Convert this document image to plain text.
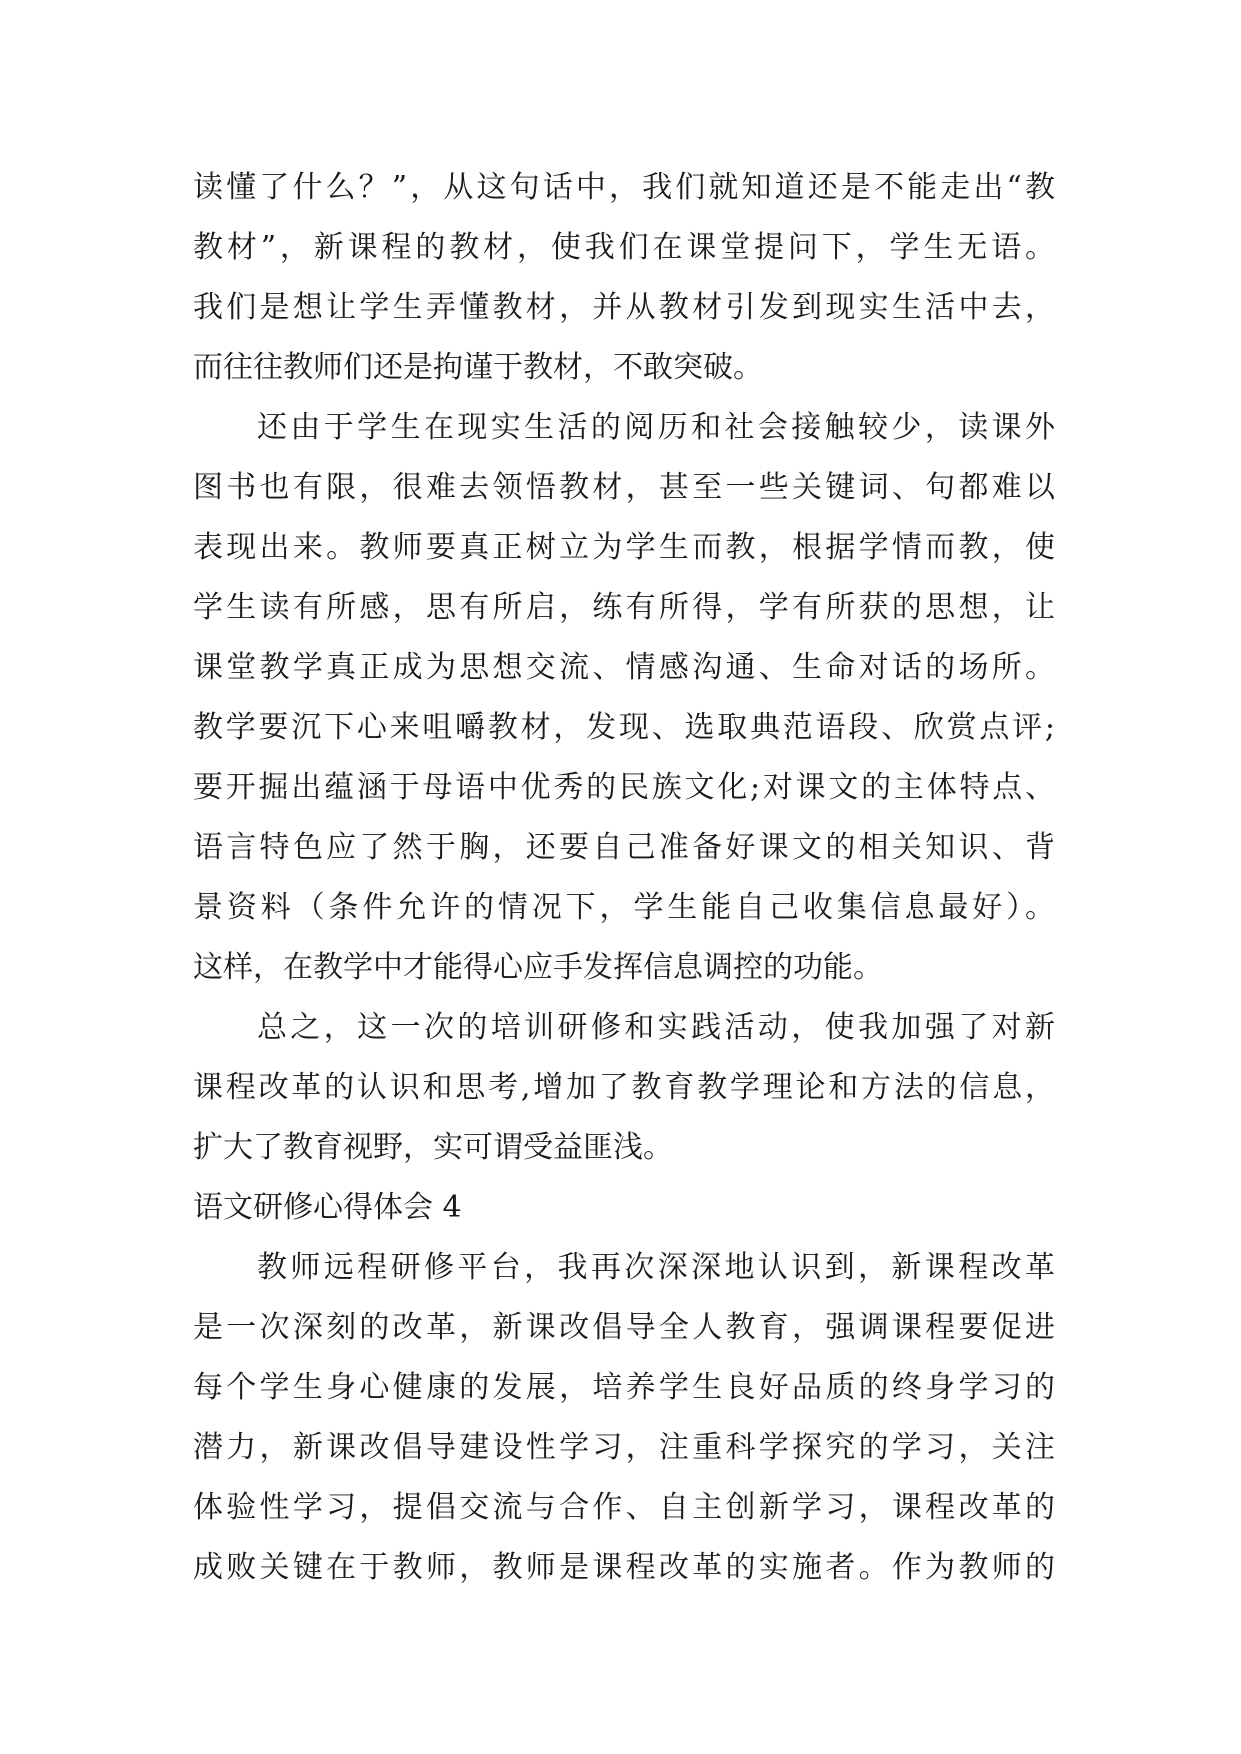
读懂了什么？”，从这句话中，我们就知道还是不能走出“教
教材”，新课程的教材，使我们在课堂提问下，学生无语。
我们是想让学生弄懂教材，并从教材引发到现实生活中去，
而往往教师们还是拘谨于教材，不敢突破。
还由于学生在现实生活的阅历和社会接触较少，读课外
图书也有限，很难去领悟教材，甚至一些关键词、句都难以
表现出来。教师要真正树立为学生而教，根据学情而教，使
学生读有所感，思有所启，练有所得，学有所获的思想，让
课堂教学真正成为思想交流、情感沟通、生命对话的场所。
教学要沉下心来咀嚼教材，发现、选取典范语段、欣赏点评;
要开掘出蕴涵于母语中优秀的民族文化;对课文的主体特点、
语言特色应了然于胸，还要自己准备好课文的相关知识、背
景资料（条件允许的情况下，学生能自己收集信息最好）。
这样，在教学中才能得心应手发挥信息调控的功能。
总之，这一次的培训研修和实践活动，使我加强了对新
课程改革的认识和思考,增加了教育教学理论和方法的信息，
扩大了教育视野，实可谓受益匪浅。
语文研修心得体会 4
教师远程研修平台，我再次深深地认识到，新课程改革
是一次深刻的改革，新课改倡导全人教育，强调课程要促进
每个学生身心健康的发展，培养学生良好品质的终身学习的
潜力，新课改倡导建设性学习，注重科学探究的学习，关注
体验性学习，提倡交流与合作、自主创新学习，课程改革的
成败关键在于教师，教师是课程改革的实施者。作为教师的
